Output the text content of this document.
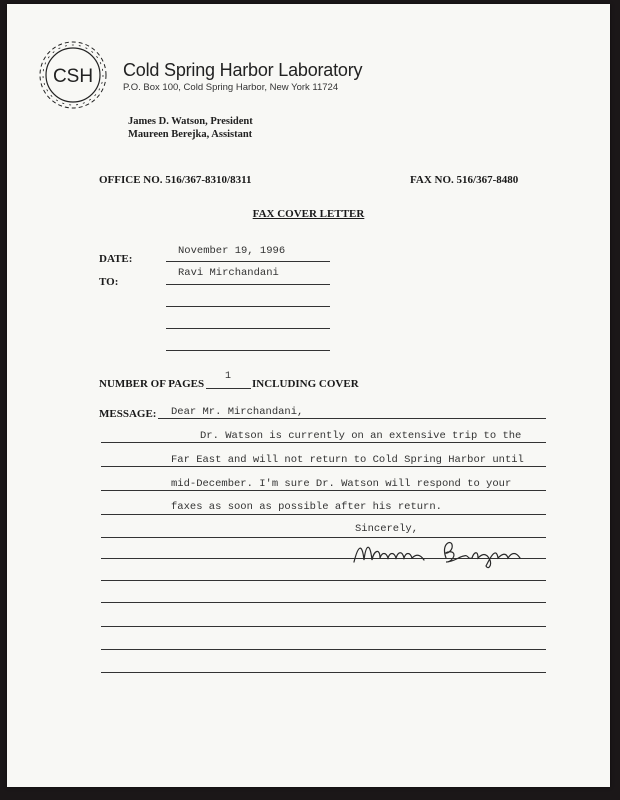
CSH Cold Spring Harbor Laboratory
P.O. Box 100, Cold Spring Harbor, New York 11724
James D. Watson, President
Maureen Berejka, Assistant
OFFICE NO. 516/367-8310/8311	FAX NO. 516/367-8480
FAX COVER LETTER
DATE:
November 19, 1996
TO:
Ravi Mirchandani
NUMBER OF PAGES
1
INCLUDING COVER
MESSAGE: Dear Mr. Mirchandani,
Dr. Watson is currently on an extensive trip to the
Far East and will not return to Cold Spring Harbor until
mid-December. I'm sure Dr. Watson will respond to your
faxes as soon as possible after his return.
Sincerely,
